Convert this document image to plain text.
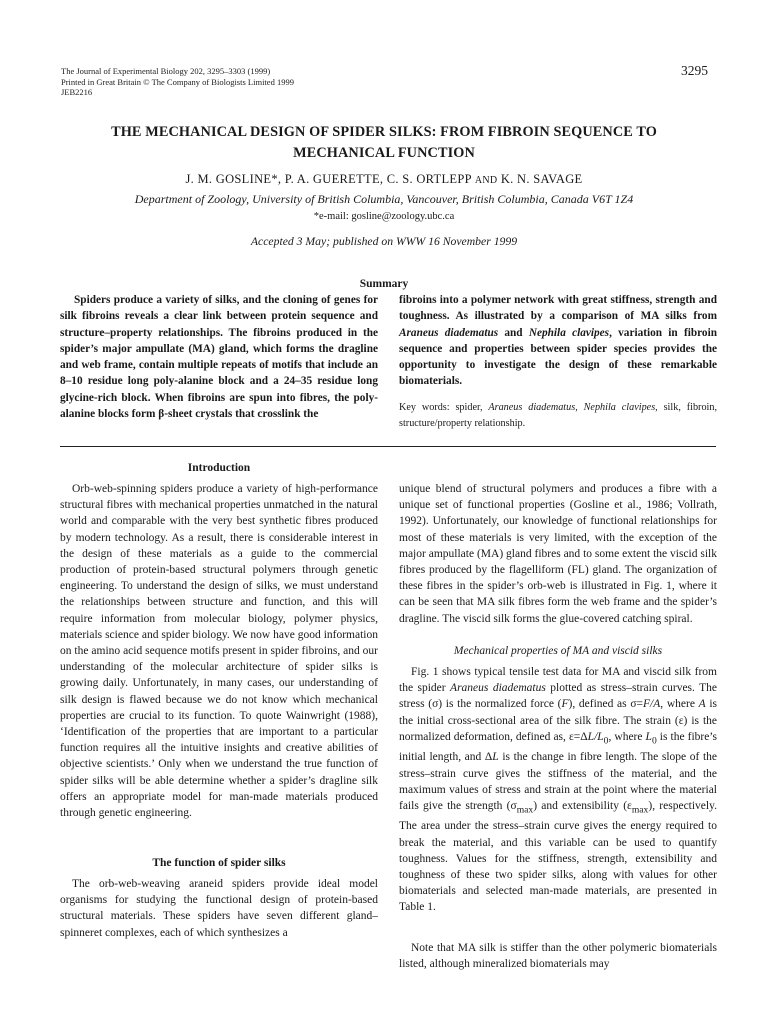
The Journal of Experimental Biology 202, 3295–3303 (1999)
Printed in Great Britain © The Company of Biologists Limited 1999
JEB2216
3295
THE MECHANICAL DESIGN OF SPIDER SILKS: FROM FIBROIN SEQUENCE TO
MECHANICAL FUNCTION
J. M. GOSLINE*, P. A. GUERETTE, C. S. ORTLEPP AND K. N. SAVAGE
Department of Zoology, University of British Columbia, Vancouver, British Columbia, Canada V6T 1Z4
*e-mail: gosline@zoology.ubc.ca
Accepted 3 May; published on WWW 16 November 1999
Summary
Spiders produce a variety of silks, and the cloning of genes for silk fibroins reveals a clear link between protein sequence and structure–property relationships. The fibroins produced in the spider’s major ampullate (MA) gland, which forms the dragline and web frame, contain multiple repeats of motifs that include an 8–10 residue long poly-alanine block and a 24–35 residue long glycine-rich block. When fibroins are spun into fibres, the poly-alanine blocks form β-sheet crystals that crosslink the
fibroins into a polymer network with great stiffness, strength and toughness. As illustrated by a comparison of MA silks from Araneus diadematus and Nephila clavipes, variation in fibroin sequence and properties between spider species provides the opportunity to investigate the design of these remarkable biomaterials.
Key words: spider, Araneus diadematus, Nephila clavipes, silk, fibroin, structure/property relationship.
Introduction
Orb-web-spinning spiders produce a variety of high-performance structural fibres with mechanical properties unmatched in the natural world and comparable with the very best synthetic fibres produced by modern technology. As a result, there is considerable interest in the design of these materials as a guide to the commercial production of protein-based structural polymers through genetic engineering. To understand the design of silks, we must understand the relationships between structure and function, and this will require information from molecular biology, polymer physics, materials science and spider biology. We now have good information on the amino acid sequence motifs present in spider fibroins, and our understanding of the molecular architecture of spider silks is growing daily. Unfortunately, in many cases, our understanding of silk design is flawed because we do not know which mechanical properties are crucial to its function. To quote Wainwright (1988), ‘Identification of the properties that are important to a particular function requires all the intuitive insights and creative abilities of objective scientists.’ Only when we understand the true function of spider silks will be able determine whether a spider’s dragline silk offers an appropriate model for man-made materials produced through genetic engineering.
The function of spider silks
The orb-web-weaving araneid spiders provide ideal model organisms for studying the functional design of protein-based structural materials. These spiders have seven different gland–spinneret complexes, each of which synthesizes a
unique blend of structural polymers and produces a fibre with a unique set of functional properties (Gosline et al., 1986; Vollrath, 1992). Unfortunately, our knowledge of functional relationships for most of these materials is very limited, with the exception of the major ampullate (MA) gland fibres and to some extent the viscid silk fibres produced by the flagelliform (FL) gland. The organization of these fibres in the spider’s orb-web is illustrated in Fig. 1, where it can be seen that MA silk fibres form the web frame and the spider’s dragline. The viscid silk forms the glue-covered catching spiral.
Mechanical properties of MA and viscid silks
Fig. 1 shows typical tensile test data for MA and viscid silk from the spider Araneus diadematus plotted as stress–strain curves. The stress (σ) is the normalized force (F), defined as σ=F/A, where A is the initial cross-sectional area of the silk fibre. The strain (ε) is the normalized deformation, defined as, $\varepsilon=\Delta L/L_0$, where $L_0$ is the fibre’s initial length, and ΔL is the change in fibre length. The slope of the stress–strain curve gives the stiffness of the material, and the maximum values of stress and strain at the point where the material fails give the strength $(\sigma_{max})$ and extensibility $(\varepsilon_{max})$, respectively. The area under the stress–strain curve gives the energy required to break the material, and this variable can be used to quantify toughness. Values for the stiffness, strength, extensibility and toughness of these two spider silks, along with values for other biomaterials and selected man-made materials, are presented in Table 1.
Note that MA silk is stiffer than the other polymeric biomaterials listed, although mineralized biomaterials may
